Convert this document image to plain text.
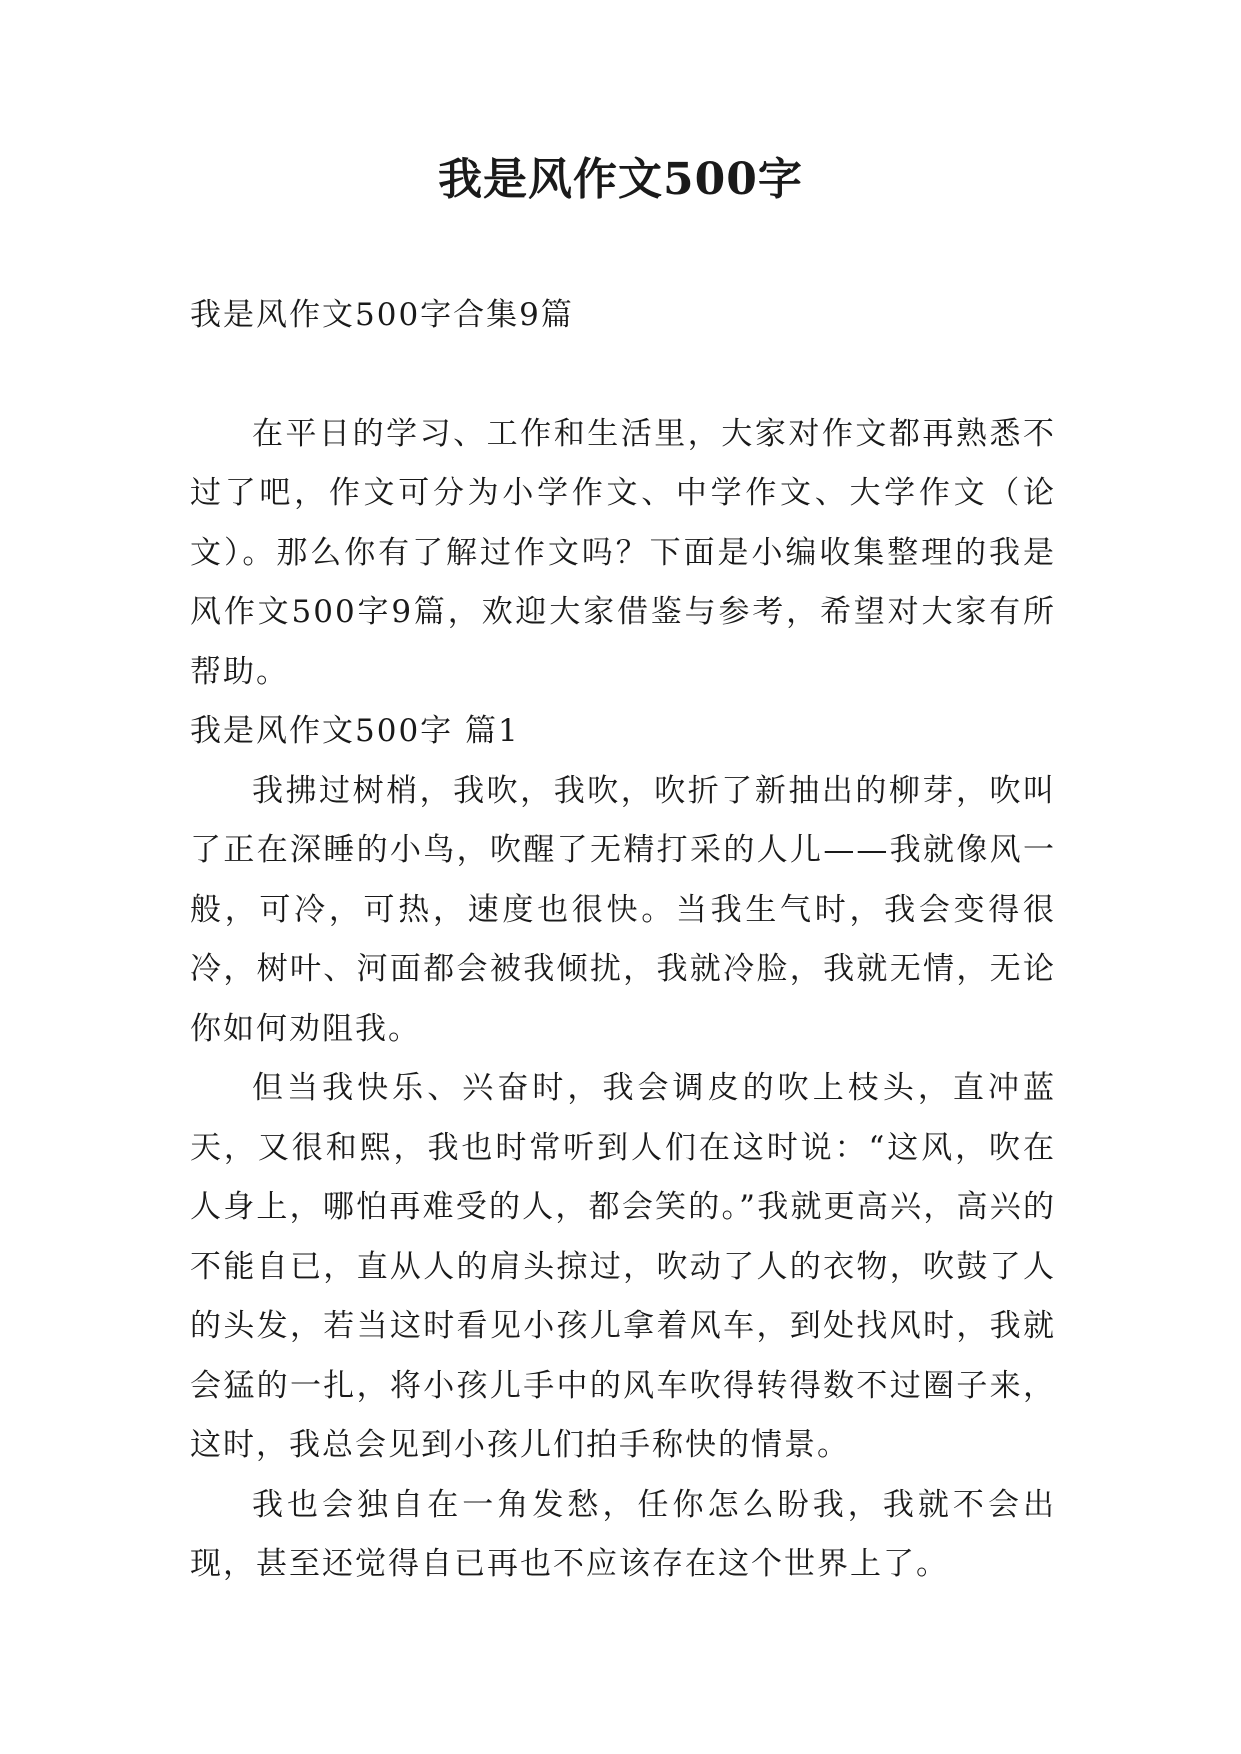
我是风作文500字

我是风作文500字合集9篇

在平日的学习、工作和生活里，大家对作文都再熟悉不过了吧，作文可分为小学作文、中学作文、大学作文（论文）。那么你有了解过作文吗？下面是小编收集整理的我是风作文500字9篇，欢迎大家借鉴与参考，希望对大家有所帮助。

我是风作文500字 篇1

我拂过树梢，我吹，我吹，吹折了新抽出的柳芽，吹叫了正在深睡的小鸟，吹醒了无精打采的人儿——我就像风一般，可冷，可热，速度也很快。当我生气时，我会变得很冷，树叶、河面都会被我倾扰，我就冷脸，我就无情，无论你如何劝阻我。

但当我快乐、兴奋时，我会调皮的吹上枝头，直冲蓝天，又很和熙，我也时常听到人们在这时说：“这风，吹在人身上，哪怕再难受的人，都会笑的。”我就更高兴，高兴的不能自已，直从人的肩头掠过，吹动了人的衣物，吹鼓了人的头发，若当这时看见小孩儿拿着风车，到处找风时，我就会猛的一扎，将小孩儿手中的风车吹得转得数不过圈子来，这时，我总会见到小孩儿们拍手称快的情景。

我也会独自在一角发愁，任你怎么盼我，我就不会出现，甚至还觉得自已再也不应该存在这个世界上了。
